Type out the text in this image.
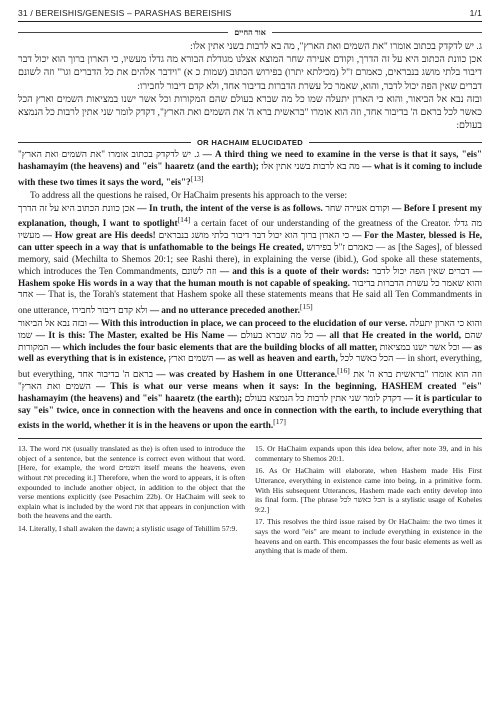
31 / BEREISHIS/GENESIS – PARASHAS BEREISHIS	1/1
אור החיים

ג. יש לדקדק בכתוב אומרו "את השמים ואת הארץ", מה בא לרבות בשני אתין אלו:

אכן כוונת הכתוב היא על זה הדרך, וקודם אעירה שחר המוצא אצלנו מגודלת הבורא מה גדלו מעשיו, כי הארון ברוך הוא יכול דבר דיבור בלתי מושג בנבראים, כאמרם ז"ל (מכילתא יתרו) בפירוש הכתוב (שמות כ א) "וידבר אלהים את כל הדברים וגו'" וזה לשונם דברים שאין הפה יכול לדבר, והוא, שאמר כל עשרת הדברות בדיבור אחד, ולא קדם דיבור לחבירו:

ובזה נבא אל הביאור, והוא כי הארון יתעלה שמו כל מה שברא בעולם שהם המקורות וכל אשר ישנו במציאות השמים וארץ הכל כאשר לכל בראם ה' בדיבור אחד, וזה הוא אומרו "בראשית ברא ה' את השמים ואת הארץ", דקדק לומר שני אתין לרבות כל הנמצא בעולם:

OR HACHAIM ELUCIDATED

ג. יש לדקדק בכתוב אומרו "את השמים ואת הארץ" — A third thing we need to examine in the verse is that it says, "eis" hashamayim (the heavens) and "eis" haaretz (and the earth); מה בא לרבות בשני אתין אלו — what is it coming to include with these two times it says the word, "eis"?[13]

To address all the questions he raised, Or HaChaim presents his approach to the verse:

אכן כוונת הכתוב היא על זה הדרך — In truth, the intent of the verse is as follows. וקודם אעירה שחר — Before I present my explanation, though, I want to spotlight[14] a certain facet of our understanding of the greatness of the Creator. מה גדלו מעשיו — How great are His deeds! כי הארון ברוך הוא יכול דבר דיבור בלתי מושג בנבראים — For the Master, blessed is He, can utter speech in a way that is unfathomable to the beings He created, כאמרם ז"ל בפירוש — as [the Sages], of blessed memory, said (Mechilta to Shemos 20:1; see Rashi there), in explaining the verse (ibid.), God spoke all these statements, which introduces the Ten Commandments, וזה לשונם — and this is a quote of their words: דברים שאין הפה יכול לדבר — Hashem spoke His words in a way that the human mouth is not capable of speaking. והוא שאמר כל עשרת הדברות בדיבור אחד — That is, the Torah's statement that Hashem spoke all these statements means that He said all Ten Commandments in one utterance, ולא קדם דיבור לחבירו — and no utterance preceded another.[15]

ובזה נבא אל הביאור — With this introduction in place, we can proceed to the elucidation of our verse. והוא כי הארון יתעלה שמו — It is this: The Master, exalted be His Name — כל מה שברא בעולם — all that He created in the world, שהם המקורות — which includes the four basic elements that are the building blocks of all matter, וכל אשר ישנו במציאות — as well as everything that is in existence, השמים וארץ — as well as heaven and earth, הכל כאשר לכל — in short, everything, but everything, בראם ה' בדיבור אחד — was created by Hashem in one Utterance.[16] וזה הוא אומרו "בראשית ברא ה' את השמים ואת הארץ" — This is what our verse means when it says: In the beginning, HASHEM created "eis" hashamayim (the heavens) and "eis" haaretz (the earth); דקדק לומר שני אתין לרבות כל הנמצא בעולם — it is particular to say "eis" twice, once in connection with the heavens and once in connection with the earth, to include everything that exists in the world, whether it is in the heavens or upon the earth.[17]

13. The word את (usually translated as the) is often used to introduce the object of a sentence, but the sentence is correct even without that word. [Here, for example, the word השמים itself means the heavens, even without את preceding it.] Therefore, when the word to appears, it is often expounded to include another object, in addition to the object that the verse mentions explicitly (see Pesachim 22b). Or HaChaim will seek to explain what is included by the word את that appears in conjunction with both the heavens and the earth.

14. Literally, I shall awaken the dawn; a stylistic usage of Tehillim 57:9.

15. Or HaChaim expands upon this idea below, after note 39, and in his commentary to Shemos 20:1.

16. As Or HaChaim will elaborate, when Hashem made His First Utterance, everything in existence came into being, in a primitive form. With His subsequent Utterances, Hashem made each entity develop into its final form. [The phrase הכל כאשר לכל is a stylistic usage of Koheles 9:2.]

17. This resolves the third issue raised by Or HaChaim: the two times it says the word "eis" are meant to include everything in existence in the heavens and on earth. This encompasses the four basic elements as well as anything that is made of them.
